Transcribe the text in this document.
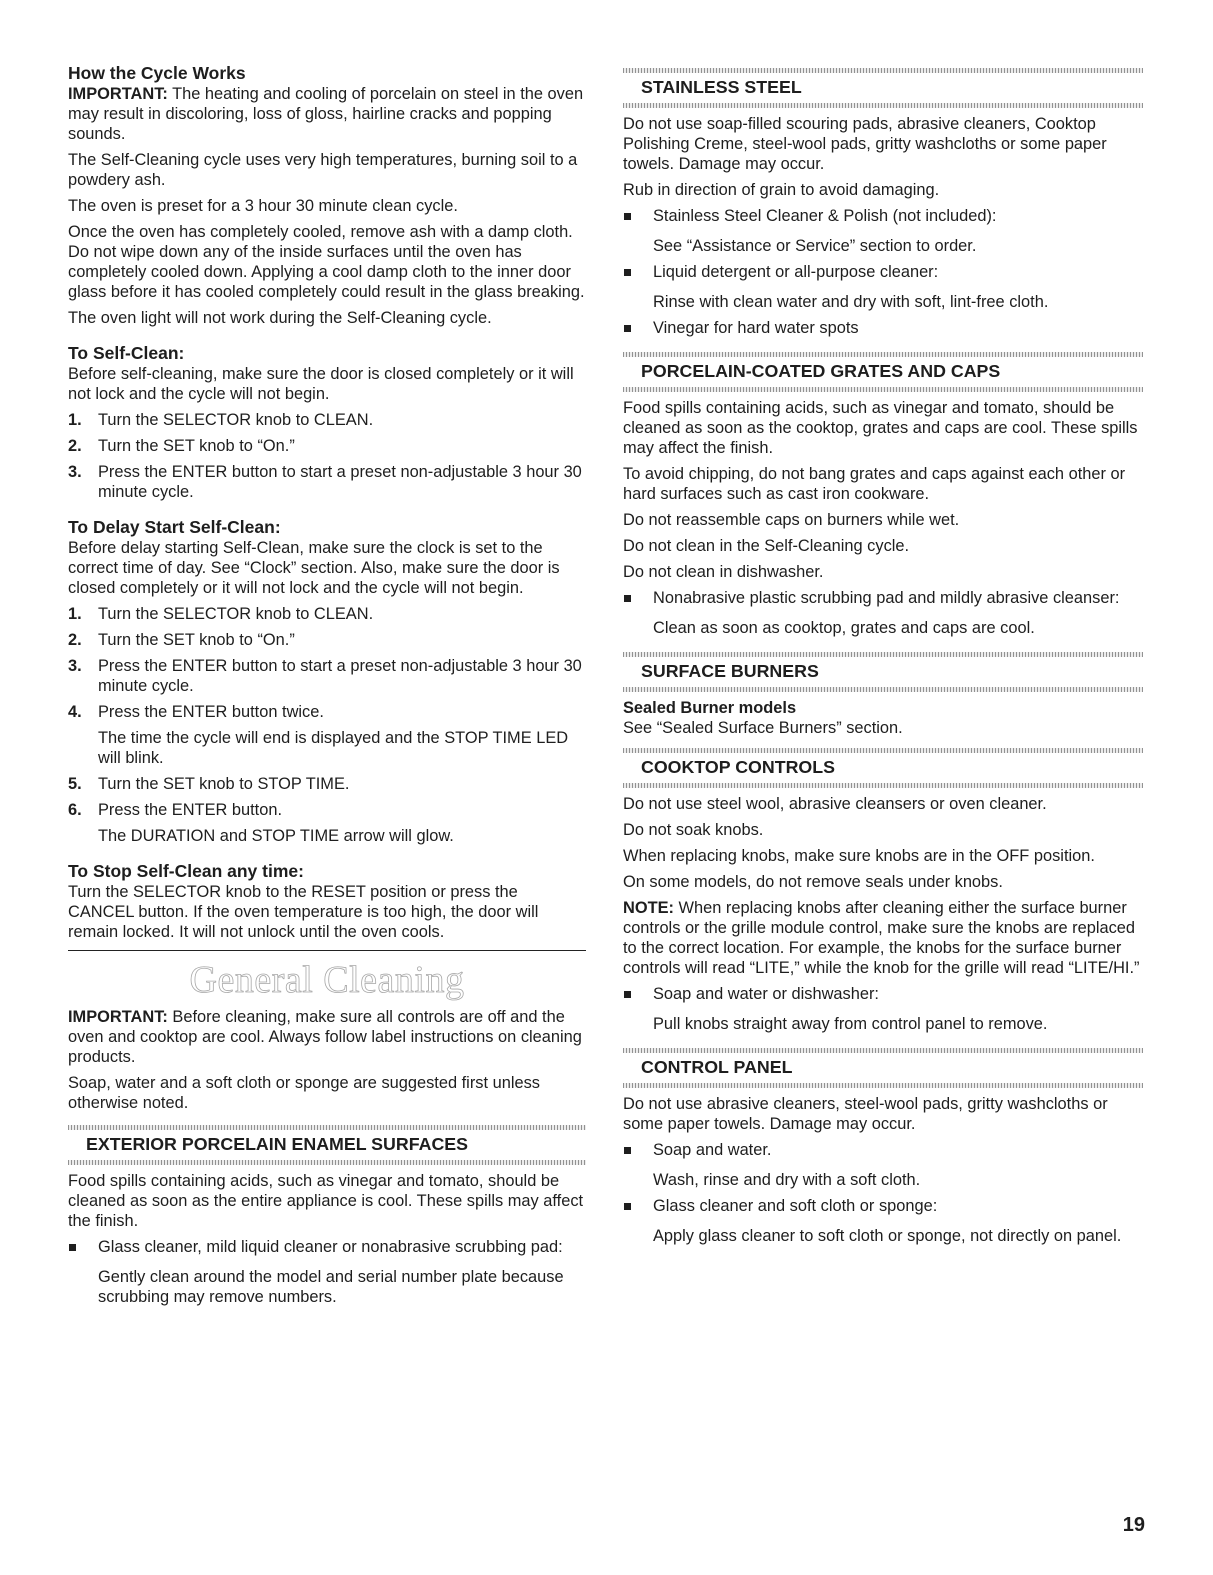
How the Cycle Works

IMPORTANT: The heating and cooling of porcelain on steel in the oven may result in discoloring, loss of gloss, hairline cracks and popping sounds.

The Self-Cleaning cycle uses very high temperatures, burning soil to a powdery ash.

The oven is preset for a 3 hour 30 minute clean cycle.

Once the oven has completely cooled, remove ash with a damp cloth. Do not wipe down any of the inside surfaces until the oven has completely cooled down. Applying a cool damp cloth to the inner door glass before it has cooled completely could result in the glass breaking.

The oven light will not work during the Self-Cleaning cycle.

To Self-Clean:

Before self-cleaning, make sure the door is closed completely or it will not lock and the cycle will not begin.

1. Turn the SELECTOR knob to CLEAN.
2. Turn the SET knob to “On.”
3. Press the ENTER button to start a preset non-adjustable 3 hour 30 minute cycle.
To Delay Start Self-Clean:

Before delay starting Self-Clean, make sure the clock is set to the correct time of day. See “Clock” section. Also, make sure the door is closed completely or it will not lock and the cycle will not begin.

1. Turn the SELECTOR knob to CLEAN.
2. Turn the SET knob to “On.”
3. Press the ENTER button to start a preset non-adjustable 3 hour 30 minute cycle.
4. Press the ENTER button twice.
The time the cycle will end is displayed and the STOP TIME LED will blink.
5. Turn the SET knob to STOP TIME.
6. Press the ENTER button.
The DURATION and STOP TIME arrow will glow.
To Stop Self-Clean any time:

Turn the SELECTOR knob to the RESET position or press the CANCEL button. If the oven temperature is too high, the door will remain locked. It will not unlock until the oven cools.

General Cleaning

IMPORTANT: Before cleaning, make sure all controls are off and the oven and cooktop are cool. Always follow label instructions on cleaning products.

Soap, water and a soft cloth or sponge are suggested first unless otherwise noted.

EXTERIOR PORCELAIN ENAMEL SURFACES

Food spills containing acids, such as vinegar and tomato, should be cleaned as soon as the entire appliance is cool. These spills may affect the finish.

Glass cleaner, mild liquid cleaner or nonabrasive scrubbing pad:
Gently clean around the model and serial number plate because scrubbing may remove numbers.
STAINLESS STEEL

Do not use soap-filled scouring pads, abrasive cleaners, Cooktop Polishing Creme, steel-wool pads, gritty washcloths or some paper towels. Damage may occur.

Rub in direction of grain to avoid damaging.

Stainless Steel Cleaner & Polish (not included):
See “Assistance or Service” section to order.
Liquid detergent or all-purpose cleaner:
Rinse with clean water and dry with soft, lint-free cloth.
Vinegar for hard water spots
PORCELAIN-COATED GRATES AND CAPS

Food spills containing acids, such as vinegar and tomato, should be cleaned as soon as the cooktop, grates and caps are cool. These spills may affect the finish.

To avoid chipping, do not bang grates and caps against each other or hard surfaces such as cast iron cookware.

Do not reassemble caps on burners while wet.

Do not clean in the Self-Cleaning cycle.

Do not clean in dishwasher.

Nonabrasive plastic scrubbing pad and mildly abrasive cleanser:
Clean as soon as cooktop, grates and caps are cool.
SURFACE BURNERS
Sealed Burner models

See “Sealed Surface Burners” section.

COOKTOP CONTROLS

Do not use steel wool, abrasive cleansers or oven cleaner.

Do not soak knobs.

When replacing knobs, make sure knobs are in the OFF position.

On some models, do not remove seals under knobs.

NOTE: When replacing knobs after cleaning either the surface burner controls or the grille module control, make sure the knobs are replaced to the correct location. For example, the knobs for the surface burner controls will read “LITE,” while the knob for the grille will read “LITE/HI.”

Soap and water or dishwasher:
Pull knobs straight away from control panel to remove.
CONTROL PANEL

Do not use abrasive cleaners, steel-wool pads, gritty washcloths or some paper towels. Damage may occur.

Soap and water.
Wash, rinse and dry with a soft cloth.
Glass cleaner and soft cloth or sponge:
Apply glass cleaner to soft cloth or sponge, not directly on panel.
19
